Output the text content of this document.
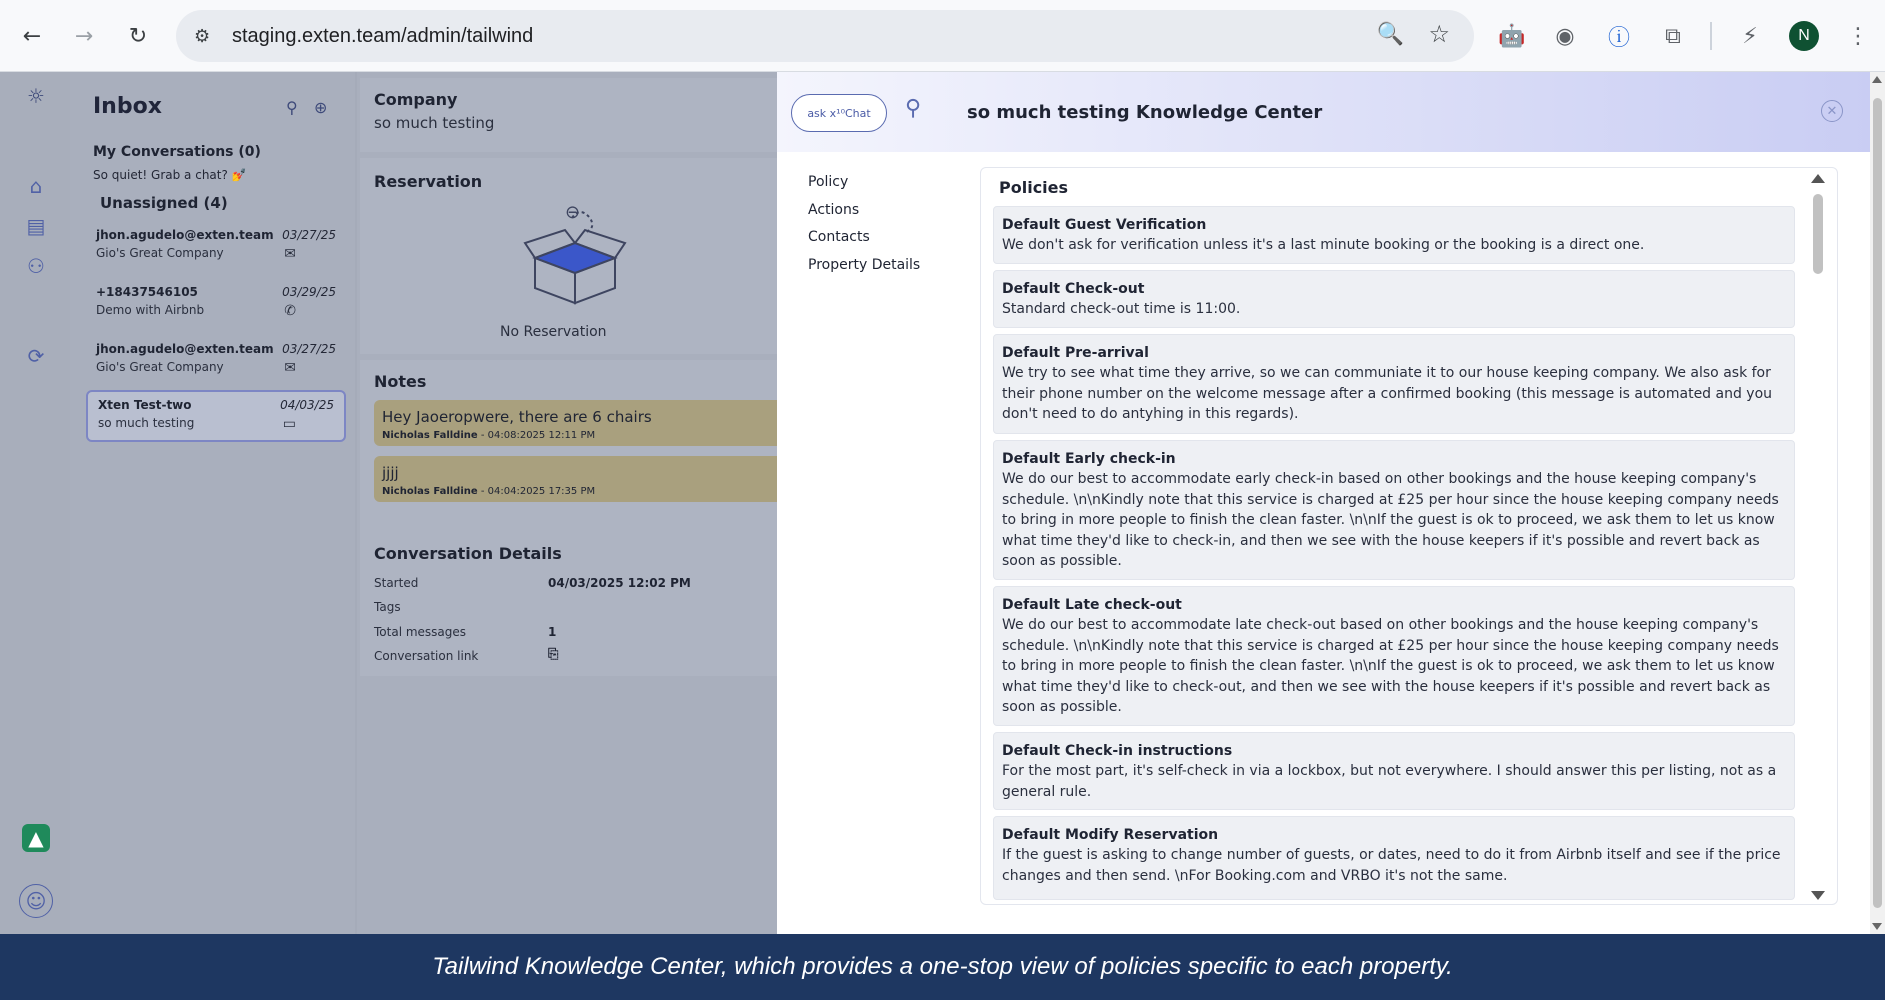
←	→	↻	⚙	staging.exten.team/admin/tailwind	🔍 ☆ 🤖 ◉ ⓘ	⧉	⚡	N	⋮
☼
⌂
▤
⚇
⟳
▲
☺
Inbox	⚲ ⊕
My Conversations (0)
So quiet! Grab a chat? 💅
Unassigned (4)
jhon.agudelo@exten.team
Gio's Great Company
03/27/25
✉
+18437546105
Demo with Airbnb
03/29/25
✆
jhon.agudelo@exten.team
Gio's Great Company
03/27/25
✉
Xten Test-two
so much testing
04/03/25
▭
Company
so much testing
Reservation
⊖
No Reservation
Notes
Hey Jaoeropwere, there are 6 chairs
Nicholas Falldine - 04:08:2025 12:11 PM
jjjj
Nicholas Falldine - 04:04:2025 17:35 PM
Conversation Details
Started	04/03/2025 12:02 PM
Tags
Total messages	1
Conversation link	⎘
ask x¹⁰Chat	⚲	so much testing Knowledge Center	✕
Policy
Actions
Contacts
Property Details
Policies
Default Guest Verification
We don't ask for verification unless it's a last minute booking or the booking is a direct one.
Default Check-out
Standard check-out time is 11:00.
Default Pre-arrival
We try to see what time they arrive, so we can communiate it to our house keeping company. We also ask for their phone number on the welcome message after a confirmed booking (this message is automated and you don't need to do antyhing in this regards).
Default Early check-in
We do our best to accommodate early check-in based on other bookings and the house keeping company's schedule. \n\nKindly note that this service is charged at £25 per hour since the house keeping company needs to bring in more people to finish the clean faster. \n\nIf the guest is ok to proceed, we ask them to let us know what time they'd like to check-in, and then we see with the house keepers if it's possible and revert back as soon as possible.
Default Late check-out
We do our best to accommodate late check-out based on other bookings and the house keeping company's schedule. \n\nKindly note that this service is charged at £25 per hour since the house keeping company needs to bring in more people to finish the clean faster. \n\nIf the guest is ok to proceed, we ask them to let us know what time they'd like to check-out, and then we see with the house keepers if it's possible and revert back as soon as possible.
Default Check-in instructions
For the most part, it's self-check in via a lockbox, but not everywhere. I should answer this per listing, not as a general rule.
Default Modify Reservation
If the guest is asking to change number of guests, or dates, need to do it from Airbnb itself and see if the price changes and then send. \nFor Booking.com and VRBO it's not the same.
Tailwind Knowledge Center, which provides a one-stop view of policies specific to each property.
